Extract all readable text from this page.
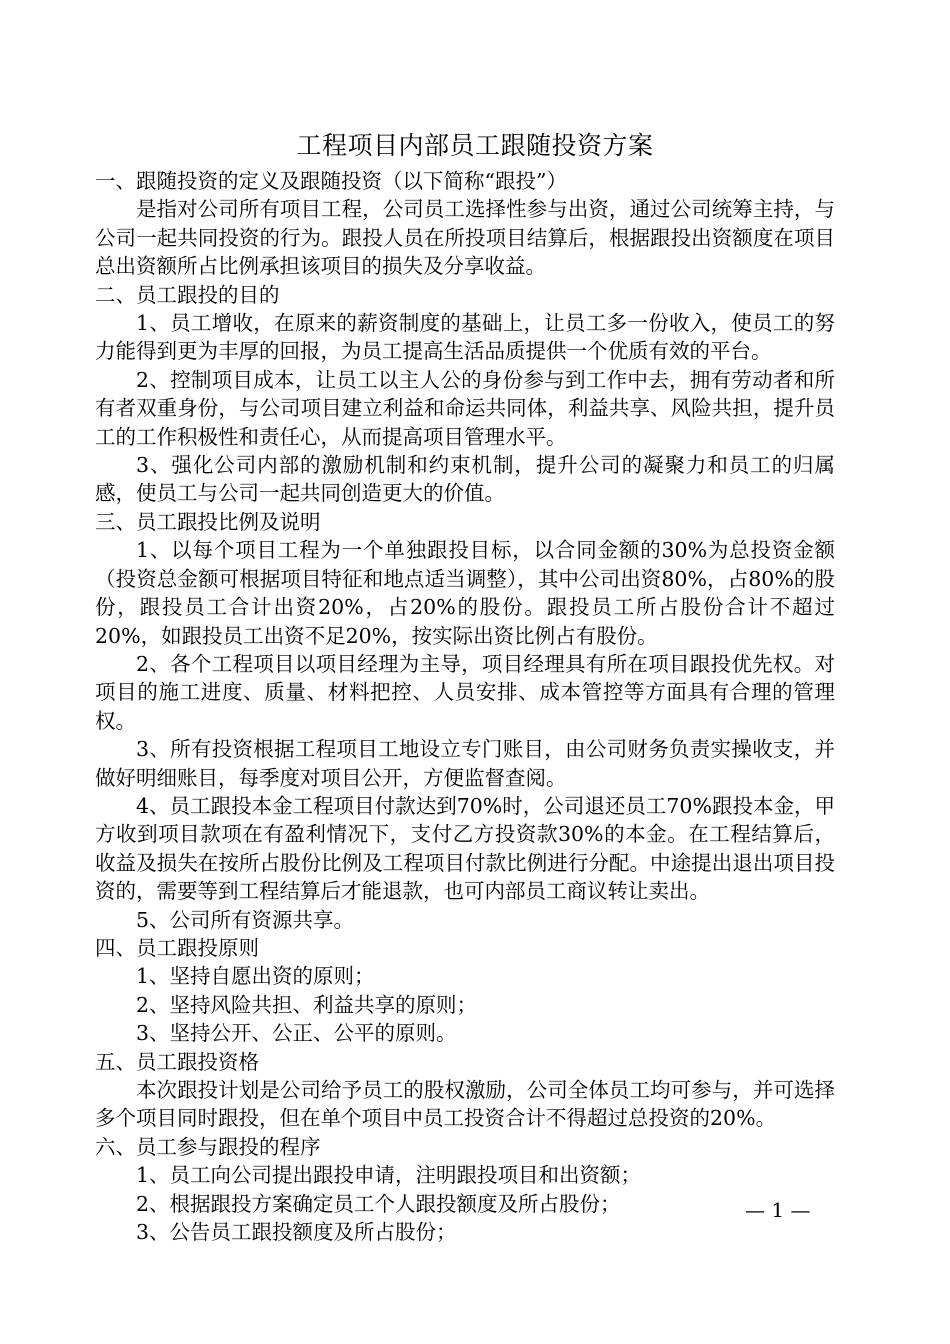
工程项目内部员工跟随投资方案

一、跟随投资的定义及跟随投资（以下简称“跟投”）

是指对公司所有项目工程，公司员工选择性参与出资，通过公司统筹主持，与公司一起共同投资的行为。跟投人员在所投项目结算后，根据跟投出资额度在项目总出资额所占比例承担该项目的损失及分享收益。

二、员工跟投的目的

1、员工增收，在原来的薪资制度的基础上，让员工多一份收入，使员工的努力能得到更为丰厚的回报，为员工提高生活品质提供一个优质有效的平台。

2、控制项目成本，让员工以主人公的身份参与到工作中去，拥有劳动者和所有者双重身份，与公司项目建立利益和命运共同体，利益共享、风险共担，提升员工的工作积极性和责任心，从而提高项目管理水平。

3、强化公司内部的激励机制和约束机制，提升公司的凝聚力和员工的归属感，使员工与公司一起共同创造更大的价值。

三、员工跟投比例及说明

1、以每个项目工程为一个单独跟投目标，以合同金额的30%为总投资金额（投资总金额可根据项目特征和地点适当调整），其中公司出资80%，占80%的股份，跟投员工合计出资20%，占20%的股份。跟投员工所占股份合计不超过20%，如跟投员工出资不足20%，按实际出资比例占有股份。

2、各个工程项目以项目经理为主导，项目经理具有所在项目跟投优先权。对项目的施工进度、质量、材料把控、人员安排、成本管控等方面具有合理的管理权。

3、所有投资根据工程项目工地设立专门账目，由公司财务负责实操收支，并做好明细账目，每季度对项目公开，方便监督查阅。

4、员工跟投本金工程项目付款达到70%时，公司退还员工70%跟投本金，甲方收到项目款项在有盈利情况下，支付乙方投资款30%的本金。在工程结算后，收益及损失在按所占股份比例及工程项目付款比例进行分配。中途提出退出项目投资的，需要等到工程结算后才能退款，也可内部员工商议转让卖出。

5、公司所有资源共享。

四、员工跟投原则

1、坚持自愿出资的原则；

2、坚持风险共担、利益共享的原则；

3、坚持公开、公正、公平的原则。

五、员工跟投资格

本次跟投计划是公司给予员工的股权激励，公司全体员工均可参与，并可选择多个项目同时跟投，但在单个项目中员工投资合计不得超过总投资的20%。

六、员工参与跟投的程序

1、员工向公司提出跟投申请，注明跟投项目和出资额；

2、根据跟投方案确定员工个人跟投额度及所占股份；

3、公告员工跟投额度及所占股份；

— 1 —
